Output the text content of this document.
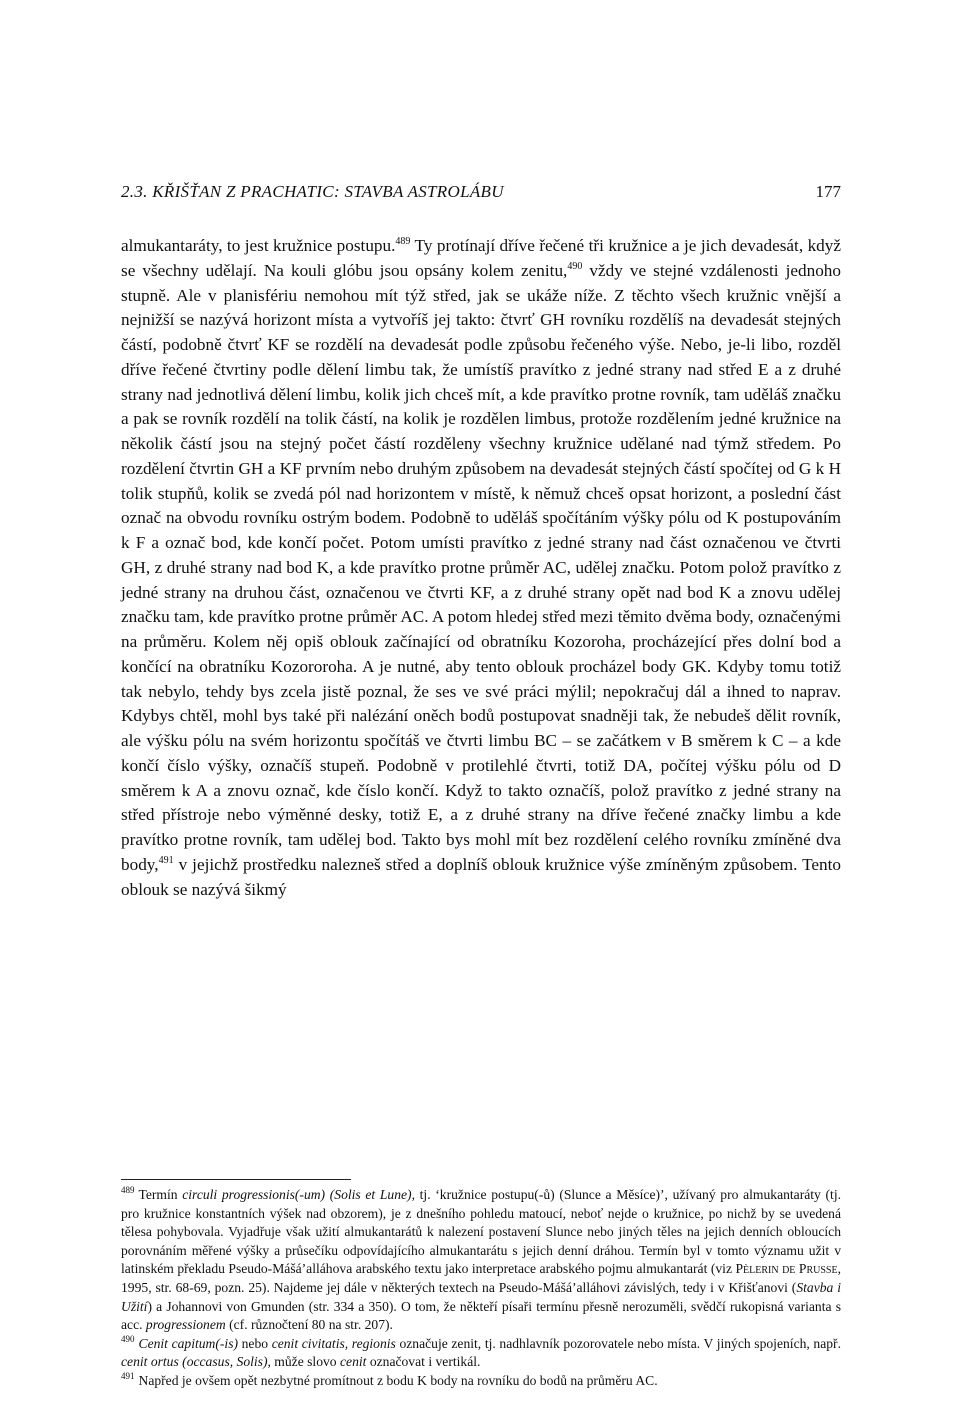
2.3. KŘIŠŤAN Z PRACHATIC: STAVBA ASTROLÁBU	177
almukantaráty, to jest kružnice postupu.$^{489}$ Ty protínají dříve řečené tři kružnice a je jich devadesát, když se všechny udělají. Na kouli glóbu jsou opsány kolem zenitu,$^{490}$ vždy ve stejné vzdálenosti jednoho stupně. Ale v planisfériu nemohou mít týž střed, jak se ukáže níže. Z těchto všech kružnic vnější a nejnižší se nazývá horizont místa a vytvoříš jej takto: čtvrť GH rovníku rozdělíš na devadesát stejných částí, podobně čtvrť KF se rozdělí na devadesát podle způsobu řečeného výše. Nebo, je-li libo, rozděl dříve řečené čtvrtiny podle dělení limbu tak, že umístíš pravítko z jedné strany nad střed E a z druhé strany nad jednotlivá dělení limbu, kolik jich chceš mít, a kde pravítko protne rovník, tam uděláš značku a pak se rovník rozdělí na tolik částí, na kolik je rozdělen limbus, protože rozdělením jedné kružnice na několik částí jsou na stejný počet částí rozděleny všechny kružnice udělané nad týmž středem. Po rozdělení čtvrtin GH a KF prvním nebo druhým způsobem na devadesát stejných částí spočítej od G k H tolik stupňů, kolik se zvedá pól nad horizontem v místě, k němuž chceš opsat horizont, a poslední část označ na obvodu rovníku ostrým bodem. Podobně to uděláš spočítáním výšky pólu od K postupováním k F a označ bod, kde končí počet. Potom umísti pravítko z jedné strany nad část označenou ve čtvrti GH, z druhé strany nad bod K, a kde pravítko protne průměr AC, udělej značku. Potom polož pravítko z jedné strany na druhou část, označenou ve čtvrti KF, a z druhé strany opět nad bod K a znovu udělej značku tam, kde pravítko protne průměr AC. A potom hledej střed mezi těmito dvěma body, označenými na průměru. Kolem něj opiš oblouk začínající od obratníku Kozoroha, procházející přes dolní bod a končící na obratníku Kozororoha. A je nutné, aby tento oblouk procházel body GK. Kdyby tomu totiž tak nebylo, tehdy bys zcela jistě poznal, že ses ve své práci mýlil; nepokračuj dál a ihned to naprav. Kdybys chtěl, mohl bys také při nalézání oněch bodů postupovat snadněji tak, že nebudeš dělit rovník, ale výšku pólu na svém horizontu spočítáš ve čtvrti limbu BC – se začátkem v B směrem k C – a kde končí číslo výšky, označíš stupeň. Podobně v protilehlé čtvrti, totiž DA, počítej výšku pólu od D směrem k A a znovu označ, kde číslo končí. Když to takto označíš, polož pravítko z jedné strany na střed přístroje nebo výměnné desky, totiž E, a z druhé strany na dříve řečené značky limbu a kde pravítko protne rovník, tam udělej bod. Takto bys mohl mít bez rozdělení celého rovníku zmíněné dva body,$^{491}$ v jejichž prostředku nalezneš střed a doplníš oblouk kružnice výše zmíněným způsobem. Tento oblouk se nazývá šikmý

$^{489}$ Termín circuli progressionis(-um) (Solis et Lune), tj. ‘kružnice postupu(-ů) (Slunce a Měsíce)’, užívaný pro almukantaráty (tj. pro kružnice konstantních výšek nad obzorem), je z dnešního pohledu matoucí, neboť nejde o kružnice, po nichž by se uvedená tělesa pohybovala. Vyjadřuje však užití almukantarátů k nalezení postavení Slunce nebo jiných těles na jejich denních obloucích porovnáním měřené výšky a průsečíku odpovídajícího almukantarátu s jejich denní dráhou. Termín byl v tomto významu užit v latinském překladu Pseudo-Mášá’alláhova arabského textu jako interpretace arabského pojmu almukantarát (viz Pèlerin de Prusse, 1995, str. 68-69, pozn. 25). Najdeme jej dále v některých textech na Pseudo-Mášá’alláhovi závislých, tedy i v Křišťanovi (Stavba i Užití) a Johannovi von Gmunden (str. 334 a 350). O tom, že někteří písaři termínu přesně nerozuměli, svědčí rukopisná varianta s acc. progressionem (cf. různočtení 80 na str. 207).

$^{490}$ Cenit capitum(-is) nebo cenit civitatis, regionis označuje zenit, tj. nadhlavník pozorovatele nebo místa. V jiných spojeních, např. cenit ortus (occasus, Solis), může slovo cenit označovat i vertikál.

$^{491}$ Napřed je ovšem opět nezbytné promítnout z bodu K body na rovníku do bodů na průměru AC.
